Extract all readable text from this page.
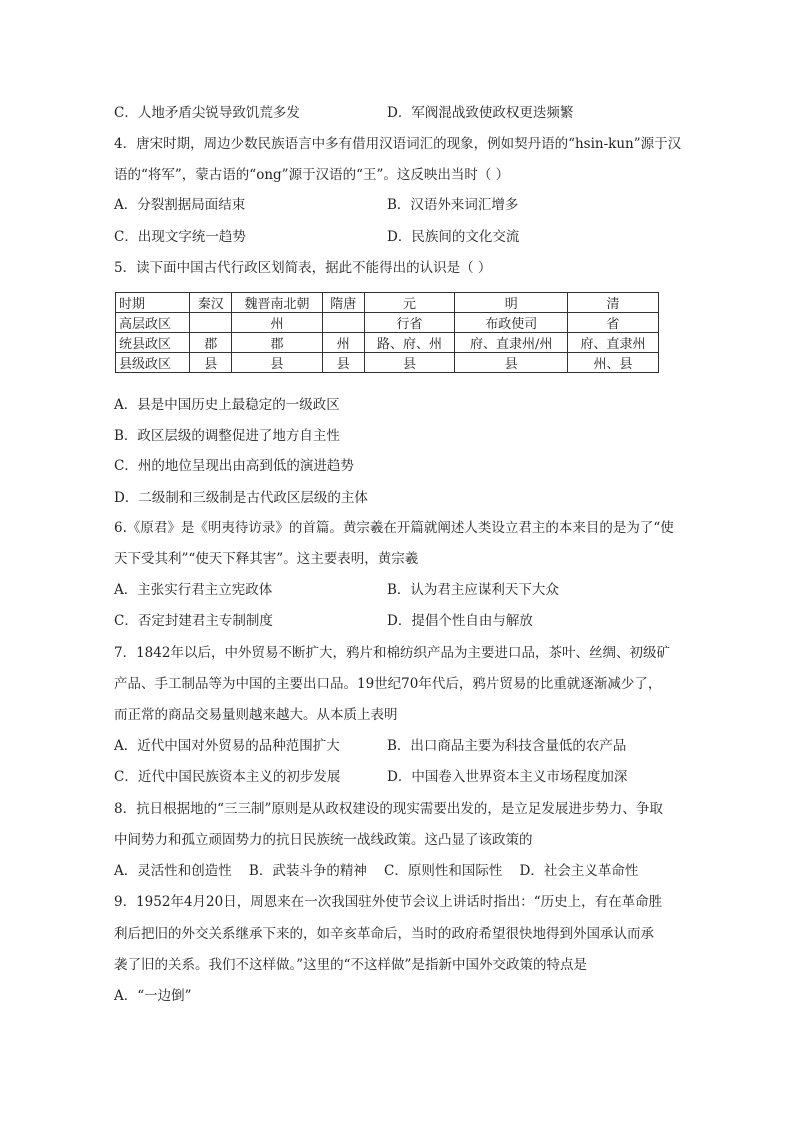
C．人地矛盾尖锐导致饥荒多发	D．军阀混战致使政权更迭频繁
4．唐宋时期，周边少数民族语言中多有借用汉语词汇的现象，例如契丹语的“hsin-kun”源于汉
语的“将军”，蒙古语的“ong”源于汉语的“王”。这反映出当时（ ）
A．分裂割据局面结束	B．汉语外来词汇增多
C．出现文字统一趋势	D．民族间的文化交流
5．读下面中国古代行政区划简表，据此不能得出的认识是（ ）
时期	秦汉	魏晋南北朝	隋唐	元	明	清
高层政区		州		行省	布政使司	省
统县政区	郡	郡	州	路、府、州	府、直隶州/州	府、直隶州
县级政区	县	县	县	县	县	州、县
A．县是中国历史上最稳定的一级政区
B．政区层级的调整促进了地方自主性
C．州的地位呈现出由高到低的演进趋势
D．二级制和三级制是古代政区层级的主体
6.《原君》是《明夷待访录》的首篇。黄宗羲在开篇就阐述人类设立君主的本来目的是为了“使
天下受其利”“使天下释其害”。这主要表明，黄宗羲
A．主张实行君主立宪政体	B．认为君主应谋利天下大众
C．否定封建君主专制制度	D．提倡个性自由与解放
7．1842年以后，中外贸易不断扩大，鸦片和棉纺织产品为主要进口品，茶叶、丝绸、初级矿
产品、手工制品等为中国的主要出口品。19世纪70年代后，鸦片贸易的比重就逐渐减少了，
而正常的商品交易量则越来越大。从本质上表明
A．近代中国对外贸易的品种范围扩大	B．出口商品主要为科技含量低的农产品
C．近代中国民族资本主义的初步发展	D．中国卷入世界资本主义市场程度加深
8．抗日根据地的“三三制”原则是从政权建设的现实需要出发的，是立足发展进步势力、争取
中间势力和孤立顽固势力的抗日民族统一战线政策。这凸显了该政策的
A．灵活性和创造性    B．武装斗争的精神    C．原则性和国际性    D．社会主义革命性
9．1952年4月20日，周恩来在一次我国驻外使节会议上讲话时指出：“历史上，有在革命胜
利后把旧的外交关系继承下来的，如辛亥革命后，当时的政府希望很快地得到外国承认而承
袭了旧的关系。我们不这样做。”这里的“不这样做”是指新中国外交政策的特点是
A．“一边倒”
